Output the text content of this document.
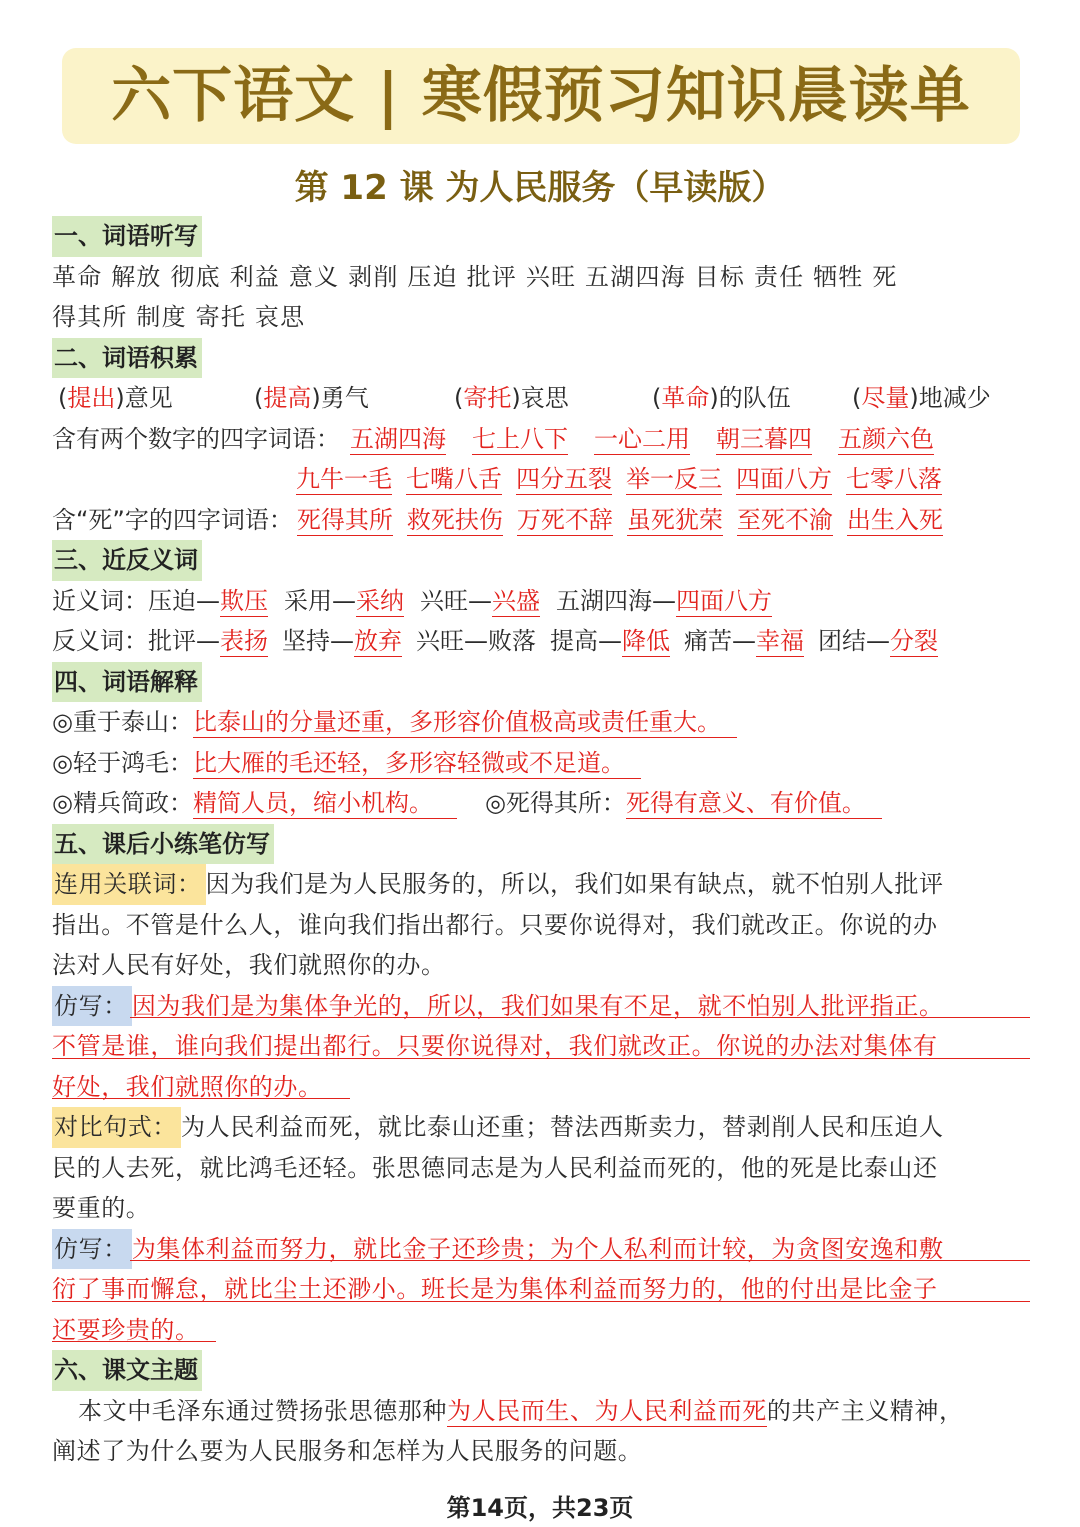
六下语文 | 寒假预习知识晨读单
第 12 课 为人民服务（早读版）
一、词语听写
革命 解放 彻底 利益 意义 剥削 压迫 批评 兴旺 五湖四海 目标 责任 牺牲 死
得其所 制度 寄托 哀思
二、词语积累
(提出)意见	(提高)勇气	(寄托)哀思	(革命)的队伍	(尽量)地减少
含有两个数字的四字词语： 五湖四海 七上八下 一心二用 朝三暮四 五颜六色
九牛一毛 七嘴八舌 四分五裂 举一反三 四面八方 七零八落
含“死”字的四字词语： 死得其所 救死扶伤 万死不辞 虽死犹荣 至死不渝 出生入死
三、近反义词
近义词：压迫—欺压 采用—采纳 兴旺—兴盛 五湖四海—四面八方
反义词：批评—表扬 坚持—放弃 兴旺—败落 提高—降低 痛苦—幸福 团结—分裂
四、词语解释
◎重于泰山：比泰山的分量还重，多形容价值极高或责任重大。
◎轻于鸿毛：比大雁的毛还轻，多形容轻微或不足道。
◎精兵简政：精简人员，缩小机构。 ◎死得其所：死得有意义、有价值。
五、课后小练笔仿写
连用关联词： 因为我们是为人民服务的，所以，我们如果有缺点，就不怕别人批评
指出。不管是什么人，谁向我们指出都行。只要你说得对，我们就改正。你说的办
法对人民有好处，我们就照你的办。
仿写： 因为我们是为集体争光的，所以，我们如果有不足，就不怕别人批评指正。
不管是谁，谁向我们提出都行。只要你说得对，我们就改正。你说的办法对集体有
好处，我们就照你的办。
对比句式： 为人民利益而死，就比泰山还重；替法西斯卖力，替剥削人民和压迫人
民的人去死，就比鸿毛还轻。张思德同志是为人民利益而死的，他的死是比泰山还
要重的。
仿写： 为集体利益而努力，就比金子还珍贵；为个人私利而计较，为贪图安逸和敷
衍了事而懈怠，就比尘土还渺小。班长是为集体利益而努力的，他的付出是比金子
还要珍贵的。
六、课文主题
本文中毛泽东通过赞扬张思德那种为人民而生、为人民利益而死的共产主义精神，
阐述了为什么要为人民服务和怎样为人民服务的问题。
第14页，共23页
